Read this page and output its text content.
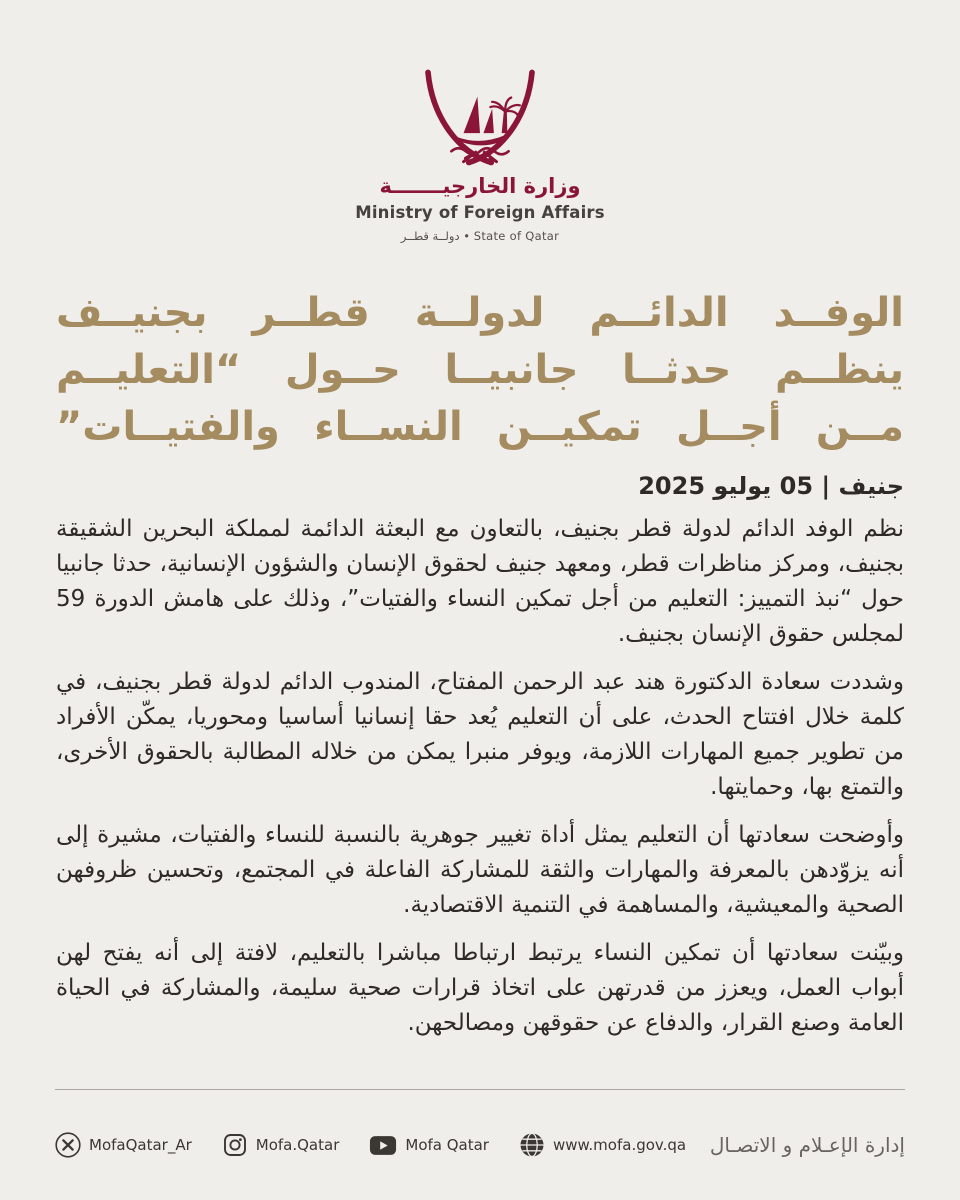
وزارة الخارجيـــــــة
Ministry of Foreign Affairs
دولــة قطــر • State of Qatar
الوفــد الدائــم لدولــة قطــر بجنيــف
ينظــم حدثــا جانبيــا حــول “التعليــم
مــن أجــل تمكيــن النســاء والفتيــات”
جنيف | 05 يوليو 2025

نظم الوفد الدائم لدولة قطر بجنيف، بالتعاون مع البعثة الدائمة لمملكة البحرين الشقيقة بجنيف، ومركز مناظرات قطر، ومعهد جنيف لحقوق الإنسان والشؤون الإنسانية، حدثا جانبيا حول “نبذ التمييز: التعليم من أجل تمكين النساء والفتيات”، وذلك على هامش الدورة 59 لمجلس حقوق الإنسان بجنيف.

وشددت سعادة الدكتورة هند عبد الرحمن المفتاح، المندوب الدائم لدولة قطر بجنيف، في كلمة خلال افتتاح الحدث، على أن التعليم يُعد حقا إنسانيا أساسيا ومحوريا، يمكّن الأفراد من تطوير جميع المهارات اللازمة، ويوفر منبرا يمكن من خلاله المطالبة بالحقوق الأخرى، والتمتع بها، وحمايتها.

وأوضحت سعادتها أن التعليم يمثل أداة تغيير جوهرية بالنسبة للنساء والفتيات، مشيرة إلى أنه يزوّدهن بالمعرفة والمهارات والثقة للمشاركة الفاعلة في المجتمع، وتحسين ظروفهن الصحية والمعيشية، والمساهمة في التنمية الاقتصادية.

وبيّنت سعادتها أن تمكين النساء يرتبط ارتباطا مباشرا بالتعليم، لافتة إلى أنه يفتح لهن أبواب العمل، ويعزز من قدرتهن على اتخاذ قرارات صحية سليمة، والمشاركة في الحياة العامة وصنع القرار، والدفاع عن حقوقهن ومصالحهن.

إدارة الإعـلام و الاتصـال
MofaQatar_Ar	Mofa.Qatar	Mofa Qatar	www.mofa.gov.qa
